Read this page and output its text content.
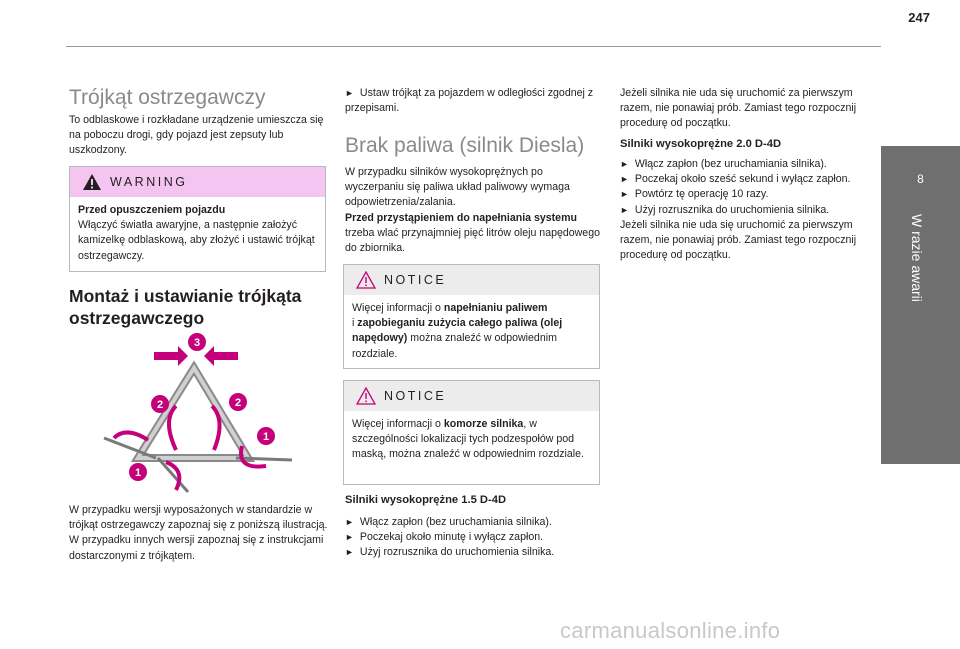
247
8
W razie awarii
Trójkąt ostrzegawczy
To odblaskowe i rozkładane urządzenie umieszcza się na poboczu drogi, gdy pojazd jest zepsuty lub uszkodzony.
WARNING
Przed opuszczeniem pojazdu
Włączyć światła awaryjne, a następnie założyć kamizelkę odblaskową, aby złożyć i ustawić trójkąt ostrzegawczy.
Montaż i ustawianie trójkąta ostrzegawczego
3
2	2
1
1
W przypadku wersji wyposażonych w standardzie w trójkąt ostrzegawczy zapoznaj się z poniższą ilustracją. W przypadku innych wersji zapoznaj się z instrukcjami dostarczonymi z trójkątem.
► Ustaw trójkąt za pojazdem w odległości zgodnej z przepisami.
Brak paliwa (silnik Diesla)
W przypadku silników wysokoprężnych po wyczerpaniu się paliwa układ paliwowy wymaga odpowietrzenia/zalania.
Przed przystąpieniem do napełniania systemu trzeba wlać przynajmniej pięć litrów oleju napędowego do zbiornika.
NOTICE
Więcej informacji o napełnianiu paliwem
i zapobieganiu zużycia całego paliwa (olej napędowy) można znaleźć w odpowiednim rozdziale.
NOTICE
Więcej informacji o komorze silnika, w szczególności lokalizacji tych podzespołów pod maską, można znaleźć w odpowiednim rozdziale.
Silniki wysokoprężne 1.5 D-4D
► Włącz zapłon (bez uruchamiania silnika).
► Poczekaj około minutę i wyłącz zapłon.
► Użyj rozrusznika do uruchomienia silnika.
Jeżeli silnika nie uda się uruchomić za pierwszym razem, nie ponawiaj prób. Zamiast tego rozpocznij procedurę od początku.
Silniki wysokoprężne 2.0 D-4D
► Włącz zapłon (bez uruchamiania silnika).
► Poczekaj około sześć sekund i wyłącz zapłon.
► Powtórz tę operację 10 razy.
► Użyj rozrusznika do uruchomienia silnika.
Jeżeli silnika nie uda się uruchomić za pierwszym razem, nie ponawiaj prób. Zamiast tego rozpocznij procedurę od początku.
carmanualsonline.info
